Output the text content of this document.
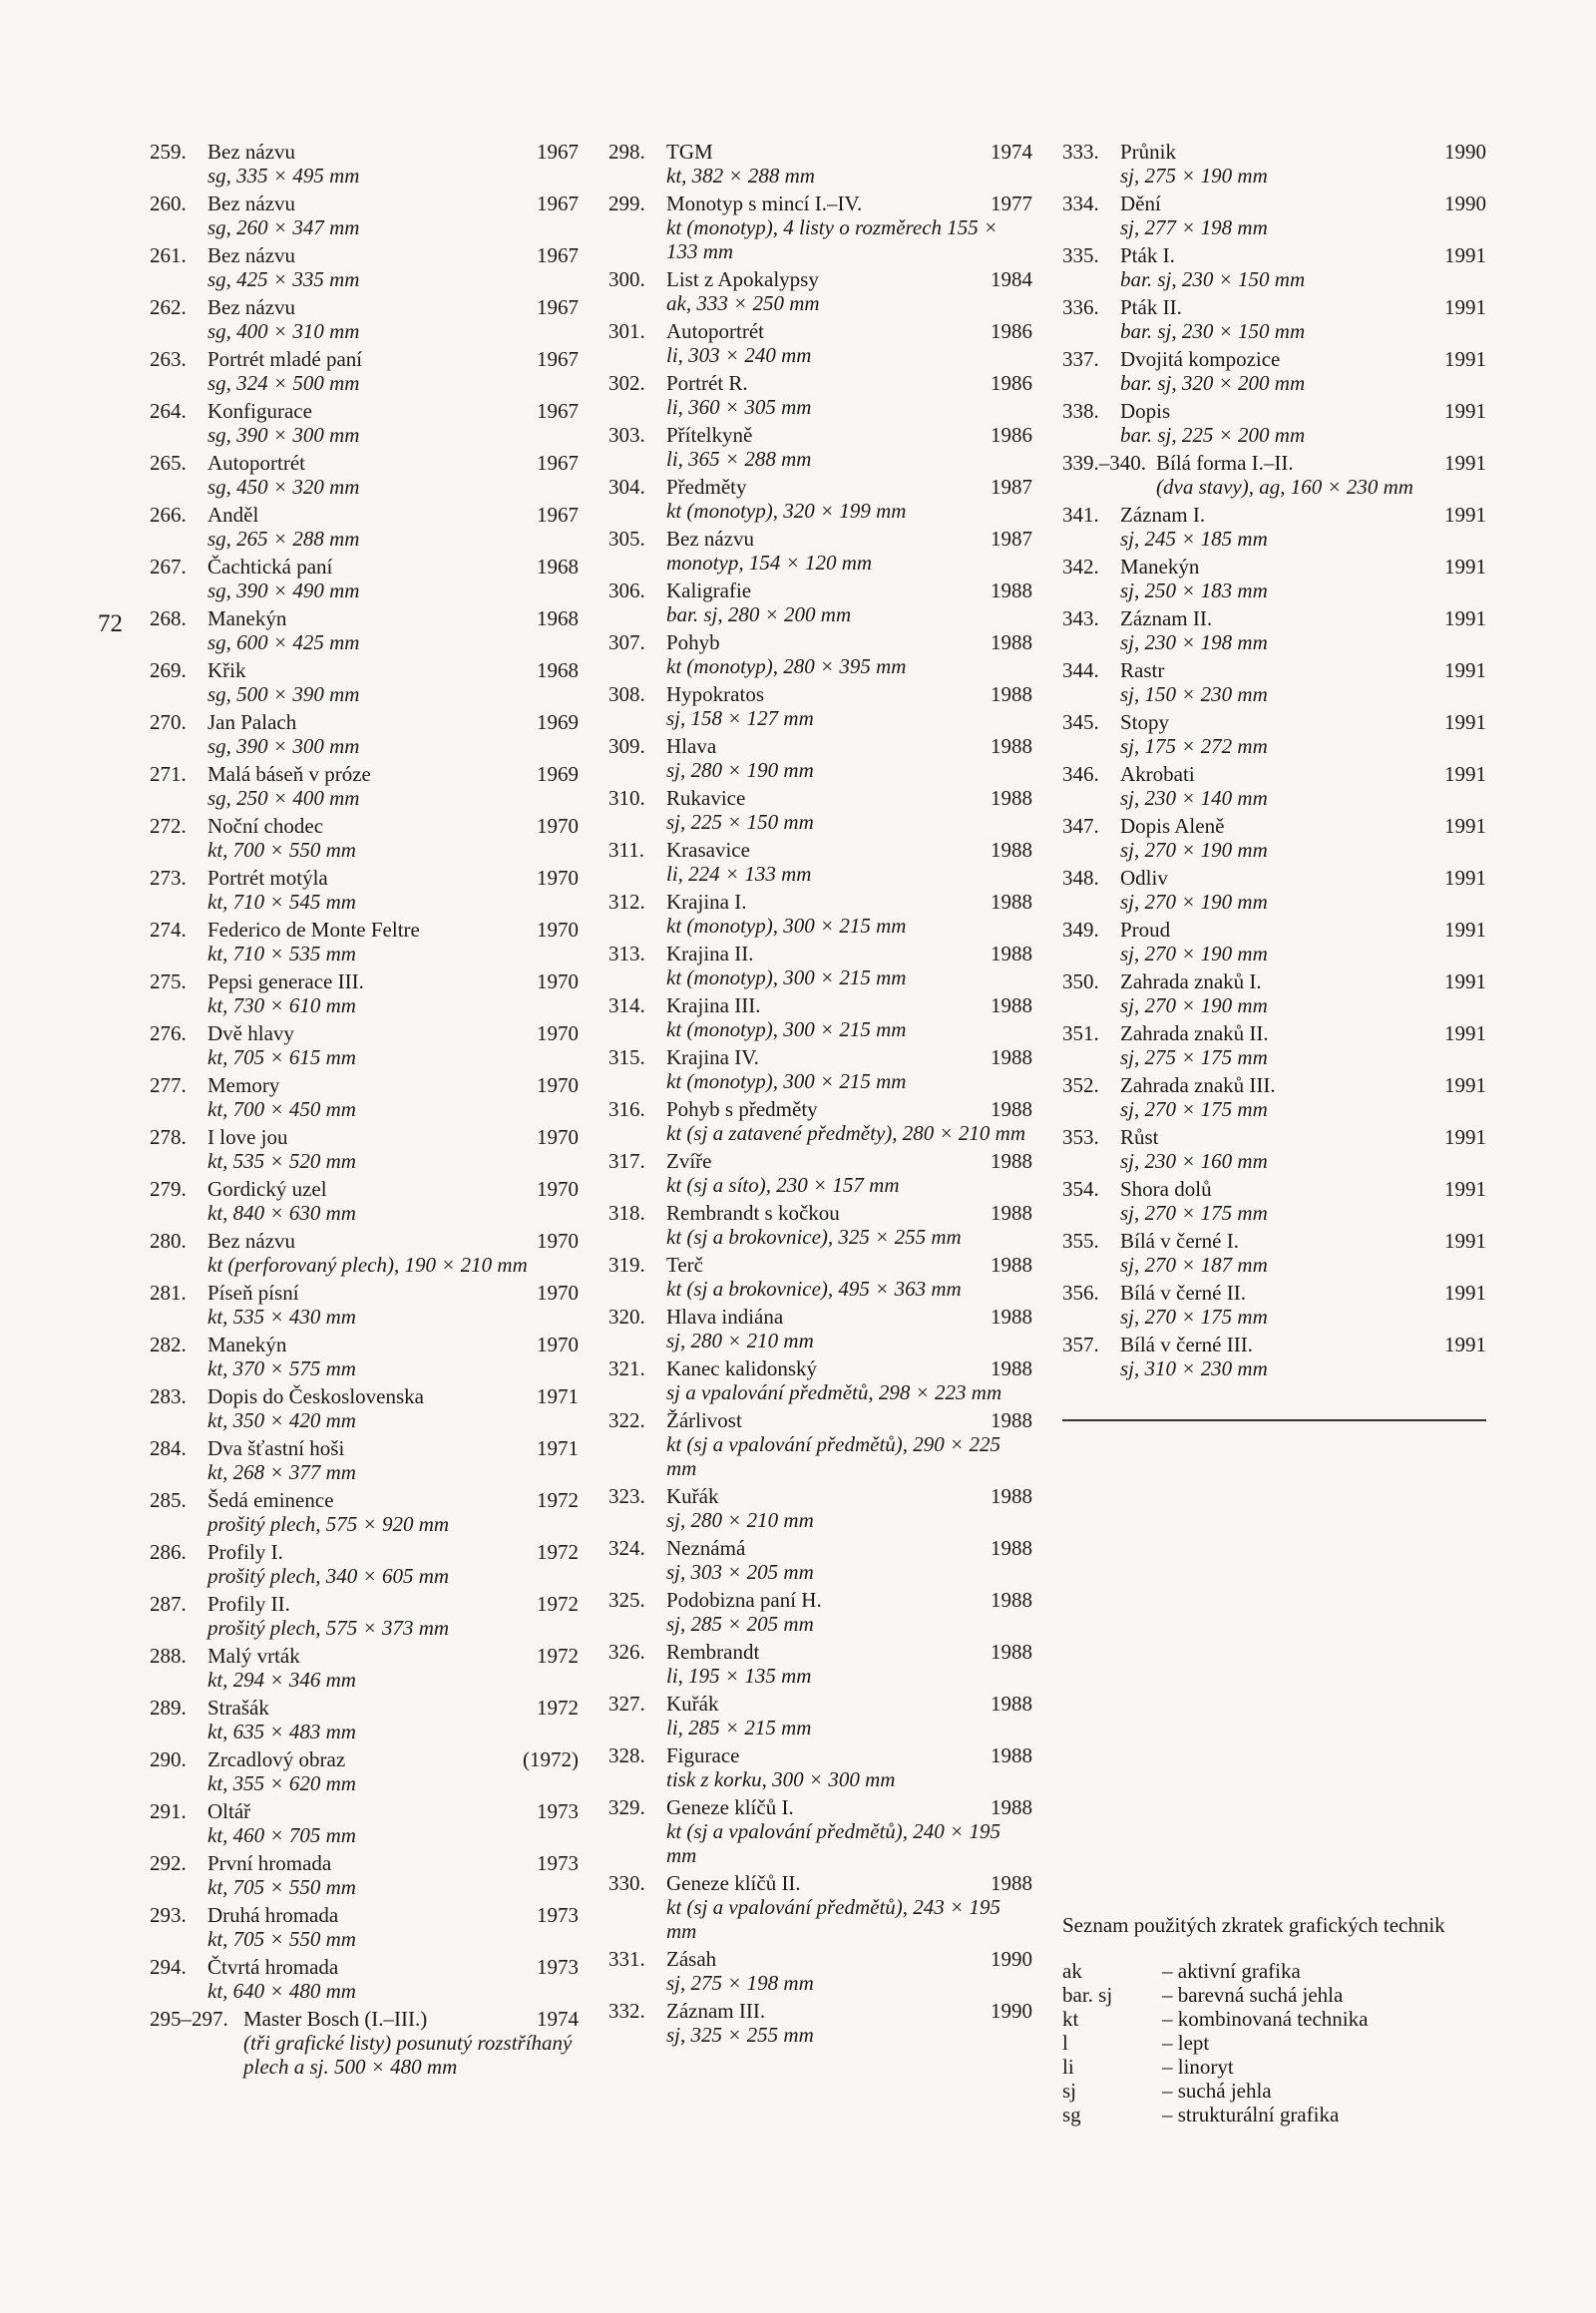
72
259.	Bez názvu	1967
sg, 335 × 495 mm
260.	Bez názvu	1967
sg, 260 × 347 mm
261.	Bez názvu	1967
sg, 425 × 335 mm
262.	Bez názvu	1967
sg, 400 × 310 mm
263.	Portrét mladé paní	1967
sg, 324 × 500 mm
264.	Konfigurace	1967
sg, 390 × 300 mm
265.	Autoportrét	1967
sg, 450 × 320 mm
266.	Anděl	1967
sg, 265 × 288 mm
267.	Čachtická paní	1968
sg, 390 × 490 mm
268.	Manekýn	1968
sg, 600 × 425 mm
269.	Křik	1968
sg, 500 × 390 mm
270.	Jan Palach	1969
sg, 390 × 300 mm
271.	Malá báseň v próze	1969
sg, 250 × 400 mm
272.	Noční chodec	1970
kt, 700 × 550 mm
273.	Portrét motýla	1970
kt, 710 × 545 mm
274.	Federico de Monte Feltre	1970
kt, 710 × 535 mm
275.	Pepsi generace III.	1970
kt, 730 × 610 mm
276.	Dvě hlavy	1970
kt, 705 × 615 mm
277.	Memory	1970
kt, 700 × 450 mm
278.	I love jou	1970
kt, 535 × 520 mm
279.	Gordický uzel	1970
kt, 840 × 630 mm
280.	Bez názvu	1970
kt (perforovaný plech), 190 × 210 mm
281.	Píseň písní	1970
kt, 535 × 430 mm
282.	Manekýn	1970
kt, 370 × 575 mm
283.	Dopis do Československa	1971
kt, 350 × 420 mm
284.	Dva šťastní hoši	1971
kt, 268 × 377 mm
285.	Šedá eminence	1972
prošitý plech, 575 × 920 mm
286.	Profily I.	1972
prošitý plech, 340 × 605 mm
287.	Profily II.	1972
prošitý plech, 575 × 373 mm
288.	Malý vrták	1972
kt, 294 × 346 mm
289.	Strašák	1972
kt, 635 × 483 mm
290.	Zrcadlový obraz	(1972)
kt, 355 × 620 mm
291.	Oltář	1973
kt, 460 × 705 mm
292.	První hromada	1973
kt, 705 × 550 mm
293.	Druhá hromada	1973
kt, 705 × 550 mm
294.	Čtvrtá hromada	1973
kt, 640 × 480 mm
295–297. Master Bosch (I.–III.)	1974
(tři grafické listy) posunutý rozstříhaný plech a sj. 500 × 480 mm
298.	TGM	1974
kt, 382 × 288 mm
299.	Monotyp s mincí I.–IV.	1977
kt (monotyp), 4 listy o rozměrech 155 × 133 mm
300.	List z Apokalypsy	1984
ak, 333 × 250 mm
301.	Autoportrét	1986
li, 303 × 240 mm
302.	Portrét R.	1986
li, 360 × 305 mm
303.	Přítelkyně	1986
li, 365 × 288 mm
304.	Předměty	1987
kt (monotyp), 320 × 199 mm
305.	Bez názvu	1987
monotyp, 154 × 120 mm
306.	Kaligrafie	1988
bar. sj, 280 × 200 mm
307.	Pohyb	1988
kt (monotyp), 280 × 395 mm
308.	Hypokratos	1988
sj, 158 × 127 mm
309.	Hlava	1988
sj, 280 × 190 mm
310.	Rukavice	1988
sj, 225 × 150 mm
311.	Krasavice	1988
li, 224 × 133 mm
312.	Krajina I.	1988
kt (monotyp), 300 × 215 mm
313.	Krajina II.	1988
kt (monotyp), 300 × 215 mm
314.	Krajina III.	1988
kt (monotyp), 300 × 215 mm
315.	Krajina IV.	1988
kt (monotyp), 300 × 215 mm
316.	Pohyb s předměty	1988
kt (sj a zatavené předměty), 280 × 210 mm
317.	Zvíře	1988
kt (sj a síto), 230 × 157 mm
318.	Rembrandt s kočkou	1988
kt (sj a brokovnice), 325 × 255 mm
319.	Terč	1988
kt (sj a brokovnice), 495 × 363 mm
320.	Hlava indiána	1988
sj, 280 × 210 mm
321.	Kanec kalidonský	1988
sj a vpalování předmětů, 298 × 223 mm
322.	Žárlivost	1988
kt (sj a vpalování předmětů), 290 × 225 mm
323.	Kuřák	1988
sj, 280 × 210 mm
324.	Neznámá	1988
sj, 303 × 205 mm
325.	Podobizna paní H.	1988
sj, 285 × 205 mm
326.	Rembrandt	1988
li, 195 × 135 mm
327.	Kuřák	1988
li, 285 × 215 mm
328.	Figurace	1988
tisk z korku, 300 × 300 mm
329.	Geneze klíčů I.	1988
kt (sj a vpalování předmětů), 240 × 195 mm
330.	Geneze klíčů II.	1988
kt (sj a vpalování předmětů), 243 × 195 mm
331.	Zásah	1990
sj, 275 × 198 mm
332.	Záznam III.	1990
sj, 325 × 255 mm
333.	Průnik	1990
sj, 275 × 190 mm
334.	Dění	1990
sj, 277 × 198 mm
335.	Pták I.	1991
bar. sj, 230 × 150 mm
336.	Pták II.	1991
bar. sj, 230 × 150 mm
337.	Dvojitá kompozice	1991
bar. sj, 320 × 200 mm
338.	Dopis	1991
bar. sj, 225 × 200 mm
339.–340. Bílá forma I.–II.	1991
(dva stavy), ag, 160 × 230 mm
341.	Záznam I.	1991
sj, 245 × 185 mm
342.	Manekýn	1991
sj, 250 × 183 mm
343.	Záznam II.	1991
sj, 230 × 198 mm
344.	Rastr	1991
sj, 150 × 230 mm
345.	Stopy	1991
sj, 175 × 272 mm
346.	Akrobati	1991
sj, 230 × 140 mm
347.	Dopis Aleně	1991
sj, 270 × 190 mm
348.	Odliv	1991
sj, 270 × 190 mm
349.	Proud	1991
sj, 270 × 190 mm
350.	Zahrada znaků I.	1991
sj, 270 × 190 mm
351.	Zahrada znaků II.	1991
sj, 275 × 175 mm
352.	Zahrada znaků III.	1991
sj, 270 × 175 mm
353.	Růst	1991
sj, 230 × 160 mm
354.	Shora dolů	1991
sj, 270 × 175 mm
355.	Bílá v černé I.	1991
sj, 270 × 187 mm
356.	Bílá v černé II.	1991
sj, 270 × 175 mm
357.	Bílá v černé III.	1991
sj, 310 × 230 mm
Seznam použitých zkratek grafických technik
ak	– aktivní grafika
bar. sj	– barevná suchá jehla
kt	– kombinovaná technika
l	– lept
li	– linoryt
sj	– suchá jehla
sg	– strukturální grafika
